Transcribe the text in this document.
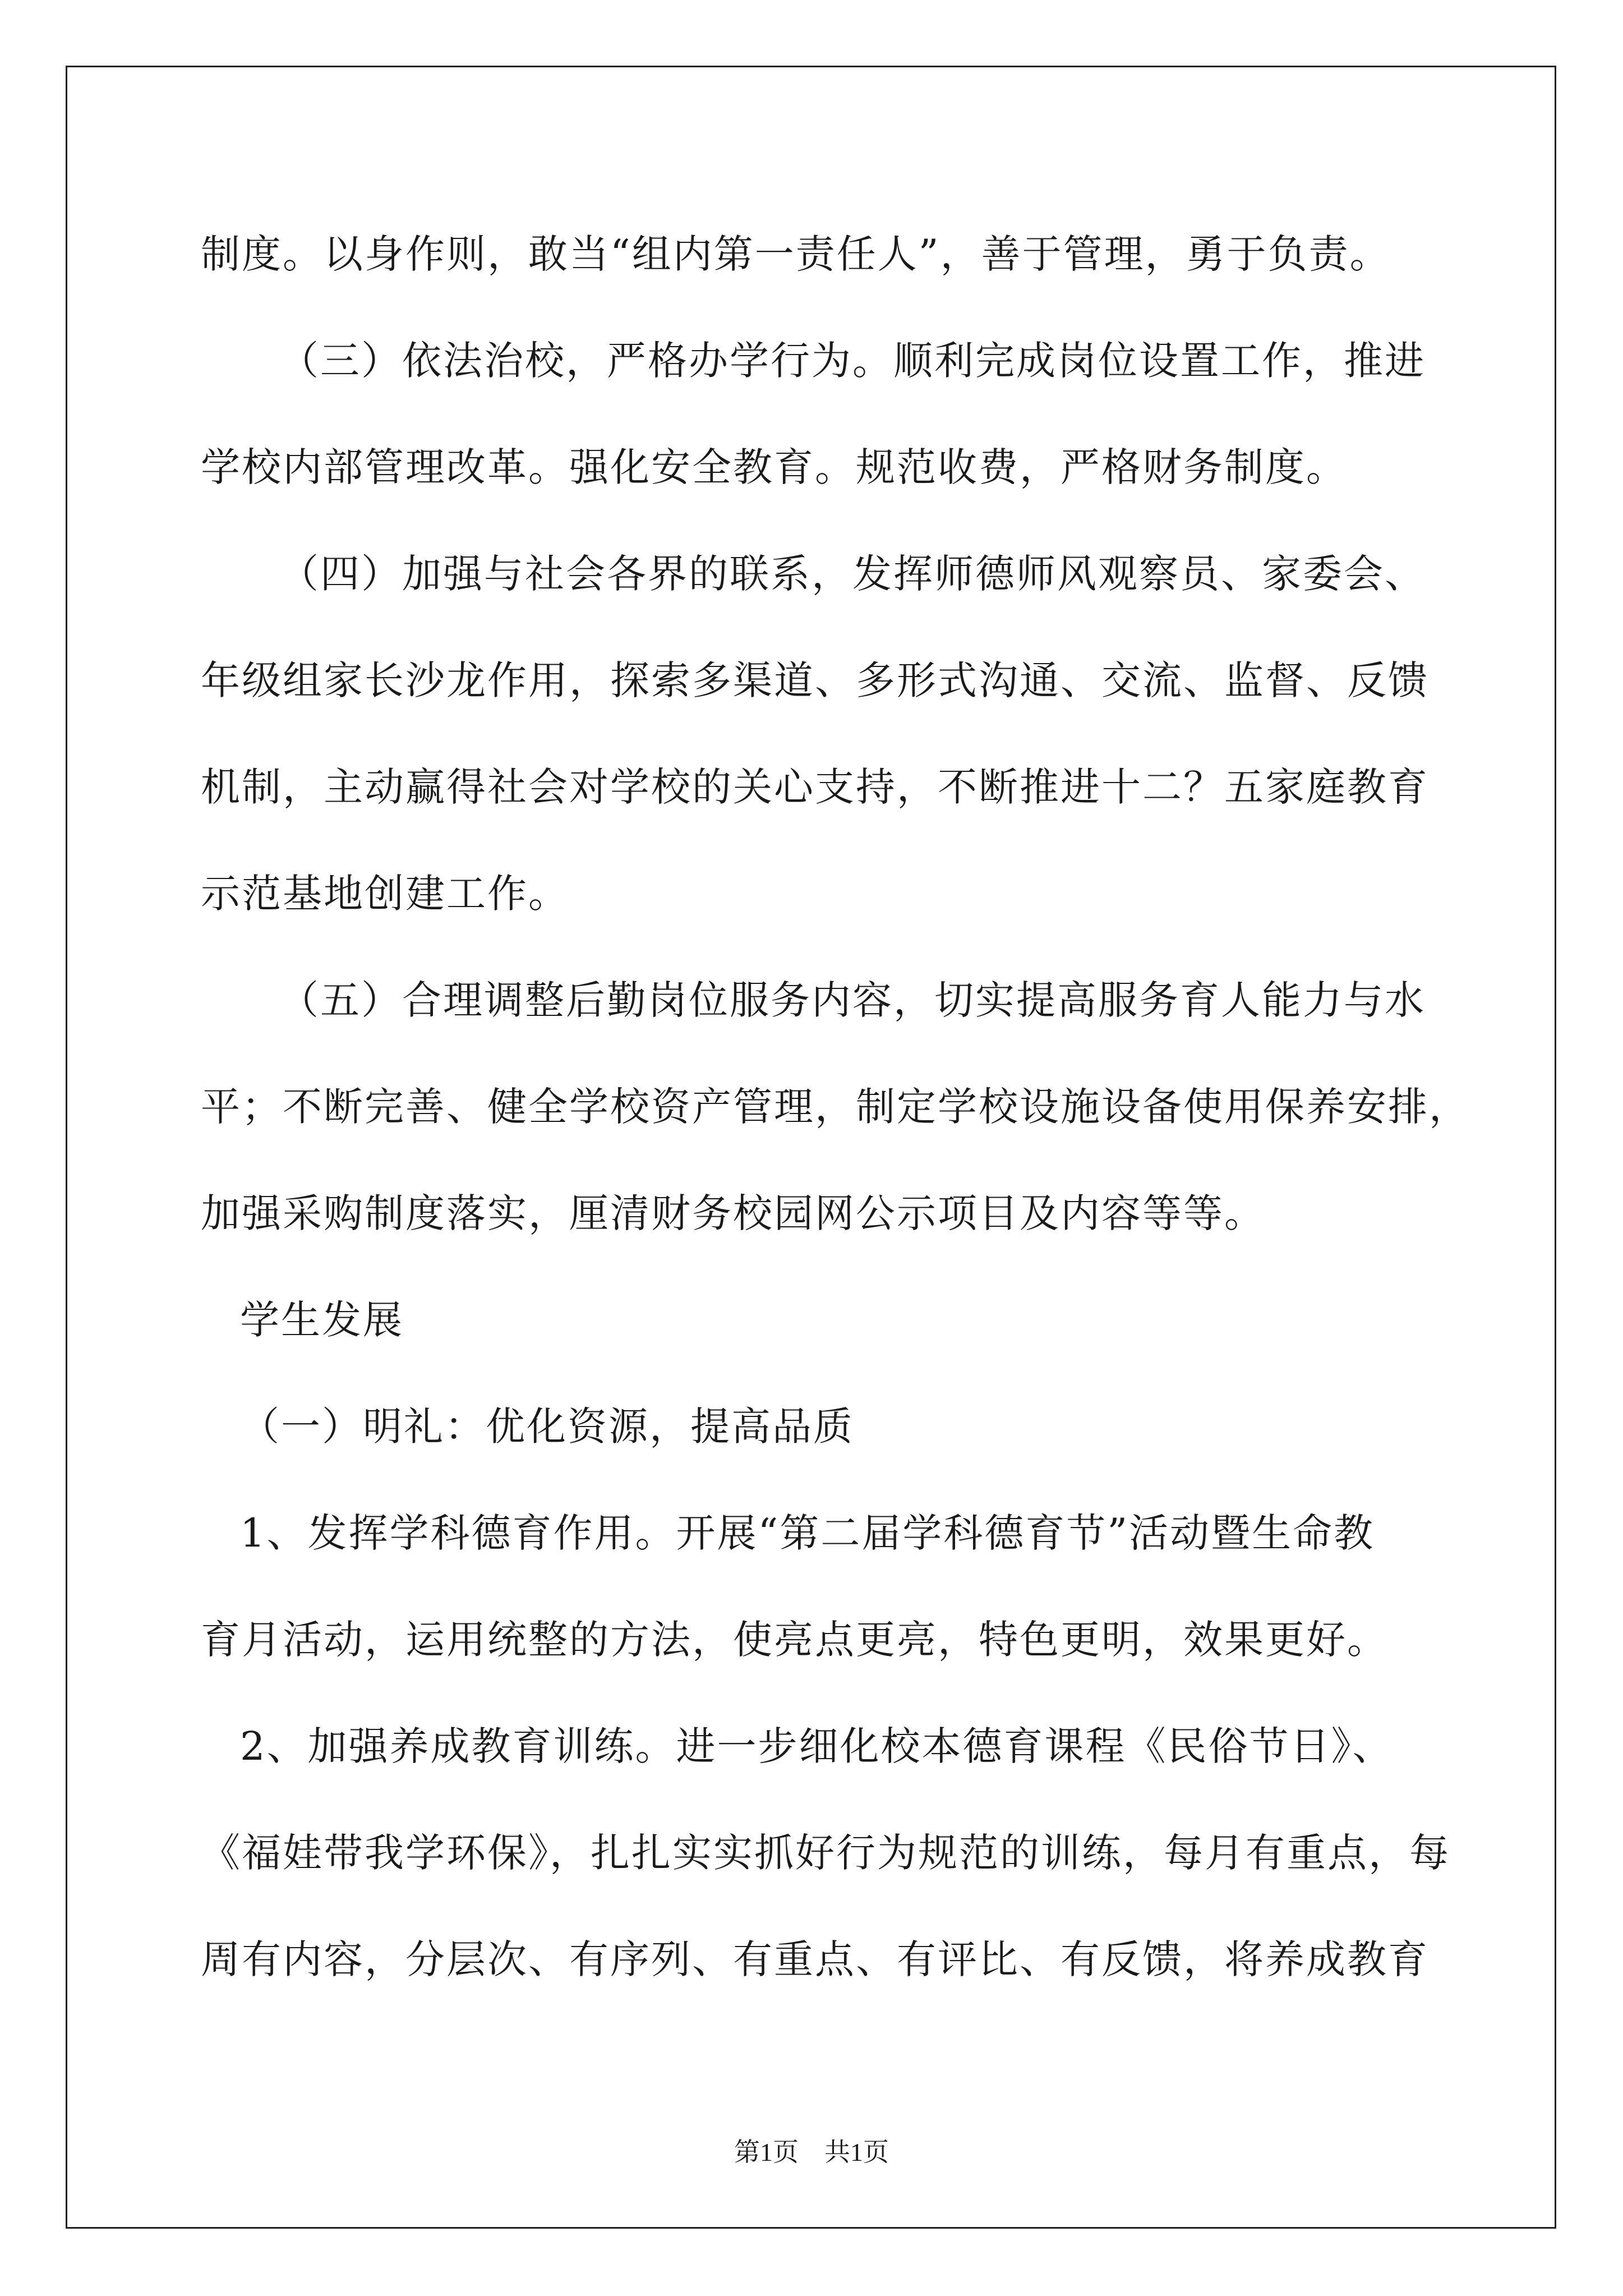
制度。以身作则，敢当“组内第一责任人”，善于管理，勇于负责。
（三）依法治校，严格办学行为。顺利完成岗位设置工作，推进
学校内部管理改革。强化安全教育。规范收费，严格财务制度。
（四）加强与社会各界的联系，发挥师德师风观察员、家委会、
年级组家长沙龙作用，探索多渠道、多形式沟通、交流、监督、反馈
机制，主动赢得社会对学校的关心支持，不断推进十二？五家庭教育
示范基地创建工作。
（五）合理调整后勤岗位服务内容，切实提高服务育人能力与水
平；不断完善、健全学校资产管理，制定学校设施设备使用保养安排，
加强采购制度落实，厘清财务校园网公示项目及内容等等。
学生发展
（一）明礼：优化资源，提高品质
1、发挥学科德育作用。开展“第二届学科德育节”活动暨生命教
育月活动，运用统整的方法，使亮点更亮，特色更明，效果更好。
2、加强养成教育训练。进一步细化校本德育课程《民俗节日》、
《福娃带我学环保》，扎扎实实抓好行为规范的训练，每月有重点，每
周有内容，分层次、有序列、有重点、有评比、有反馈，将养成教育
第1页　共1页
